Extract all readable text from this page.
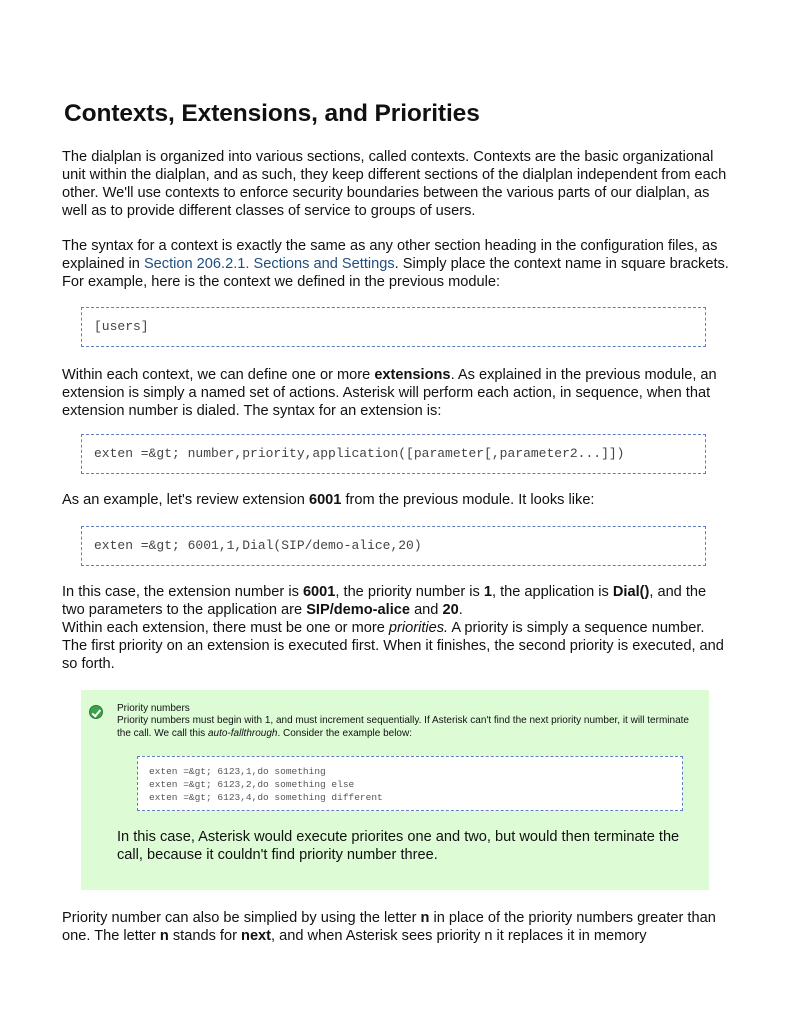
Contexts, Extensions, and Priorities

The dialplan is organized into various sections, called contexts. Contexts are the basic organizational unit within the dialplan, and as such, they keep different sections of the dialplan independent from each other. We'll use contexts to enforce security boundaries between the various parts of our dialplan, as well as to provide different classes of service to groups of users.

The syntax for a context is exactly the same as any other section heading in the configuration files, as explained in Section 206.2.1. Sections and Settings. Simply place the context name in square brackets. For example, here is the context we defined in the previous module:

[users]

Within each context, we can define one or more extensions. As explained in the previous module, an extension is simply a named set of actions. Asterisk will perform each action, in sequence, when that extension number is dialed. The syntax for an extension is:

exten =&gt; number,priority,application([parameter[,parameter2...]])

As an example, let's review extension 6001 from the previous module. It looks like:

exten =&gt; 6001,1,Dial(SIP/demo-alice,20)

In this case, the extension number is 6001, the priority number is 1, the application is Dial(), and the two parameters to the application are SIP/demo-alice and 20.

Within each extension, there must be one or more priorities. A priority is simply a sequence number. The first priority on an extension is executed first. When it finishes, the second priority is executed, and so forth.

Priority numbers

Priority numbers must begin with 1, and must increment sequentially. If Asterisk can't find the next priority number, it will terminate the call. We call this auto-fallthrough. Consider the example below:

exten =&gt; 6123,1,do something
exten =&gt; 6123,2,do something else
exten =&gt; 6123,4,do something different

In this case, Asterisk would execute priorites one and two, but would then terminate the call, because it couldn't find priority number three.

Priority number can also be simplied by using the letter n in place of the priority numbers greater than one. The letter n stands for next, and when Asterisk sees priority n it replaces it in memory
